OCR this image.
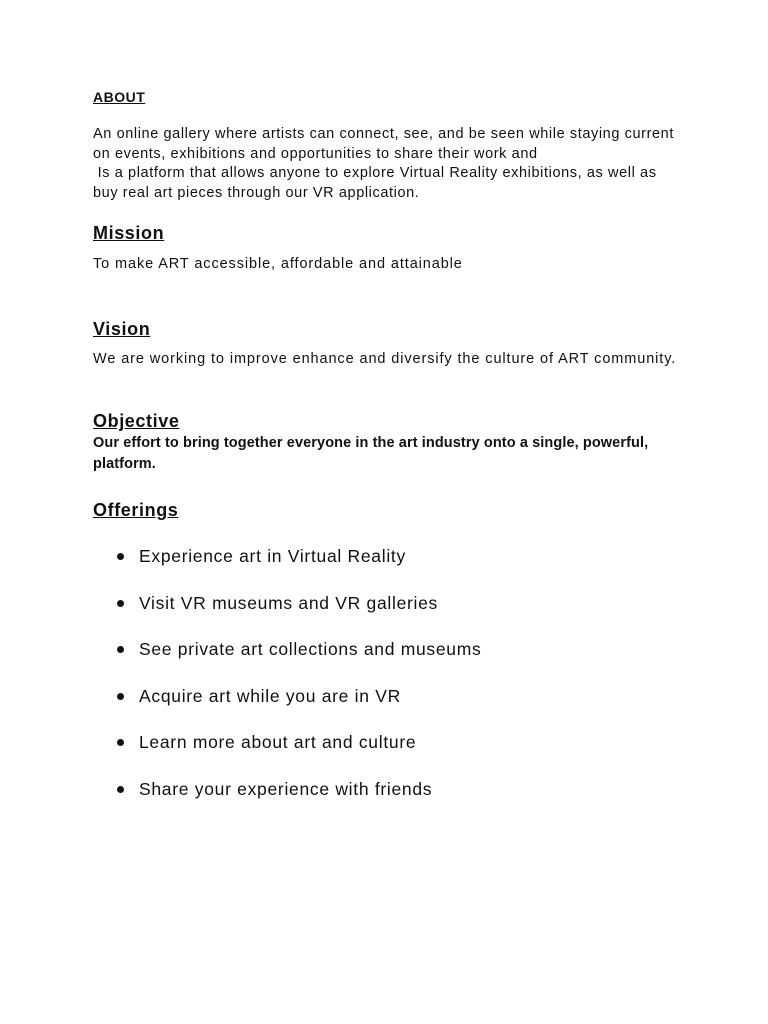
ABOUT

An online gallery where artists can connect, see, and be seen while staying current on events, exhibitions and opportunities to share their work and

Is a platform that allows anyone to explore Virtual Reality exhibitions, as well as buy real art pieces through our VR application.

Mission

To make ART accessible, affordable and attainable

Vision

We are working to improve enhance and diversify the culture of ART community.

Objective

Our effort to bring together everyone in the art industry onto a single, powerful, platform.

Offerings
Experience art in Virtual Reality
Visit VR museums and VR galleries
See private art collections and museums
Acquire art while you are in VR
Learn more about art and culture
Share your experience with friends
